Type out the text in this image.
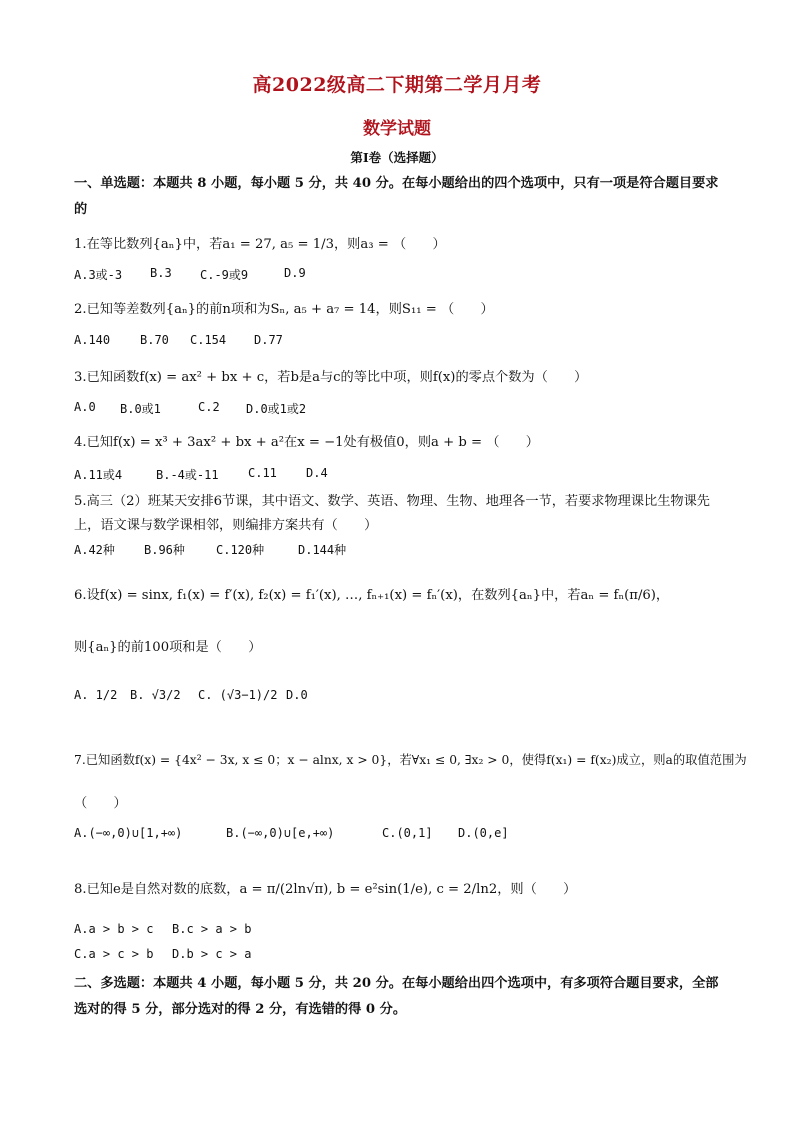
高2022级高二下期第二学月月考
数学试题
第I卷（选择题）
一、单选题：本题共 8 小题，每小题 5 分，共 40 分。在每小题给出的四个选项中，只有一项是符合题目要求
的
1.在等比数列{aₙ}中，若a₁ = 27, a₅ = 1/3，则a₃ = （　　）
A.3或-3 B.3 C.-9或9	D.9
2.已知等差数列{aₙ}的前n项和为Sₙ, a₅ + a₇ = 14，则S₁₁ = （　　）
A.140 B.70 C.154 D.77
3.已知函数f(x) = ax² + bx + c，若b是a与c的等比中项，则f(x)的零点个数为（　　）
A.0 B.0或1	C.2 D.0或1或2
4.已知f(x) = x³ + 3ax² + bx + a²在x = −1处有极值0，则a + b = （　　）
A.11或4	B.-4或-11 C.11 D.4
5.高三（2）班某天安排6节课，其中语文、数学、英语、物理、生物、地理各一节，若要求物理课比生物课先
上，语文课与数学课相邻，则编排方案共有（　　）
A.42种 B.96种	C.120种	D.144种
6.设f(x) = sinx, f₁(x) = f′(x), f₂(x) = f₁′(x), …, fₙ₊₁(x) = fₙ′(x)，在数列{aₙ}中，若aₙ = fₙ(π/6)，
则{aₙ}的前100项和是（　　）
A. 1/2 B. √3/2 C. (√3−1)/2 D.0
7.已知函数f(x) = {4x² − 3x, x ≤ 0；x − alnx, x > 0}，若∀x₁ ≤ 0, ∃x₂ > 0，使得f(x₁) = f(x₂)成立，则a的取值范围为
（　　）
A.(−∞,0)∪[1,+∞)	B.(−∞,0)∪[e,+∞)	C.(0,1] D.(0,e]
8.已知e是自然对数的底数，a = π/(2ln√π), b = e²sin(1/e), c = 2/ln2，则（　　）
A.a > b > c B.c > a > b
C.a > c > b D.b > c > a
二、多选题：本题共 4 小题，每小题 5 分，共 20 分。在每小题给出四个选项中，有多项符合题目要求，全部
选对的得 5 分，部分选对的得 2 分，有选错的得 0 分。
